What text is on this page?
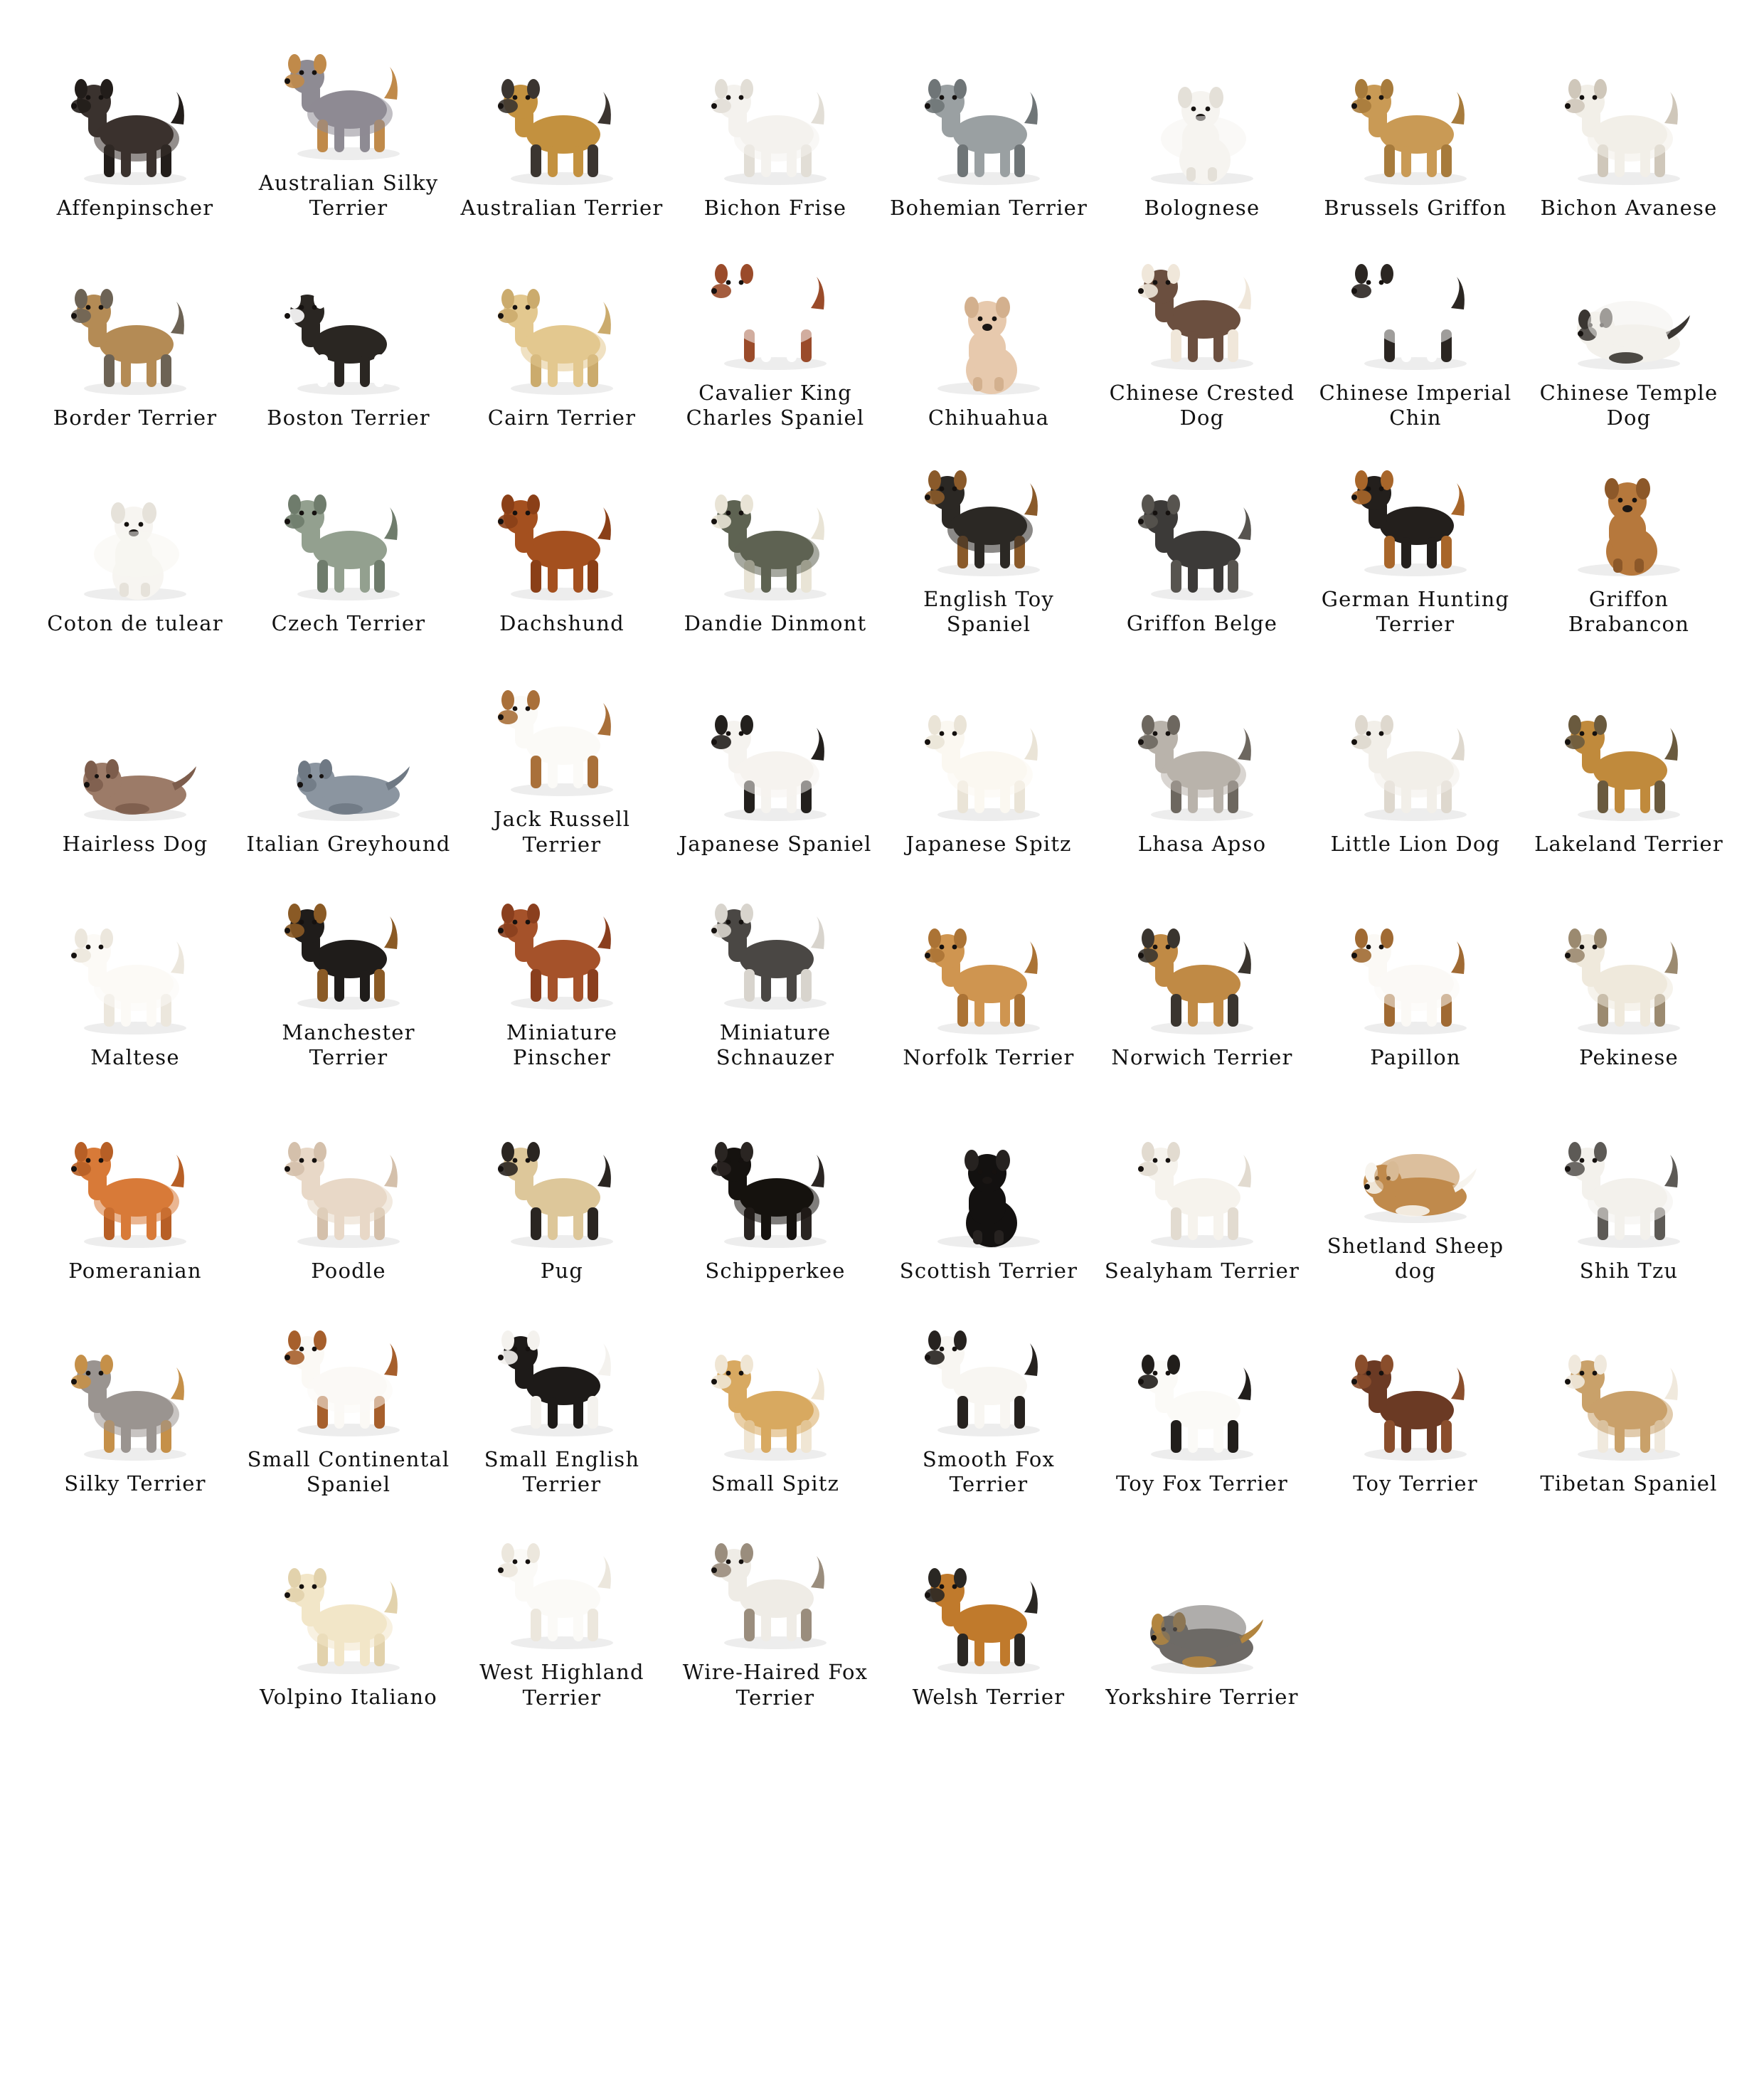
Affenpinscher
Australian Silky Terrier	Australian Terrier	Bichon Frise	Bohemian Terrier	Bolognese	Brussels Griffon	Bichon Avanese
Border Terrier	Boston Terrier	Cairn Terrier
Cavalier King Charles Spaniel	Chihuahua
Chinese Crested Dog
Chinese Imperial Chin
Chinese Temple Dog
Coton de tulear	Czech Terrier	Dachshund	Dandie Dinmont
English Toy Spaniel	Griffon Belge
German Hunting Terrier
Griffon Brabancon
Hairless Dog	Italian Greyhound
Jack Russell Terrier	Japanese Spaniel	Japanese Spitz	Lhasa Apso	Little Lion Dog	Lakeland Terrier
Maltese
Manchester Terrier
Miniature Pinscher
Miniature Schnauzer	Norfolk Terrier	Norwich Terrier	Papillon	Pekinese
Pomeranian	Poodle	Pug	Schipperkee	Scottish Terrier	Sealyham Terrier
Shetland Sheep dog	Shih Tzu
Silky Terrier
Small Continental Spaniel
Small English Terrier	Small Spitz
Smooth Fox Terrier	Toy Fox Terrier	Toy Terrier	Tibetan Spaniel
Volpino Italiano
West Highland Terrier
Wire-Haired Fox Terrier	Welsh Terrier	Yorkshire Terrier
